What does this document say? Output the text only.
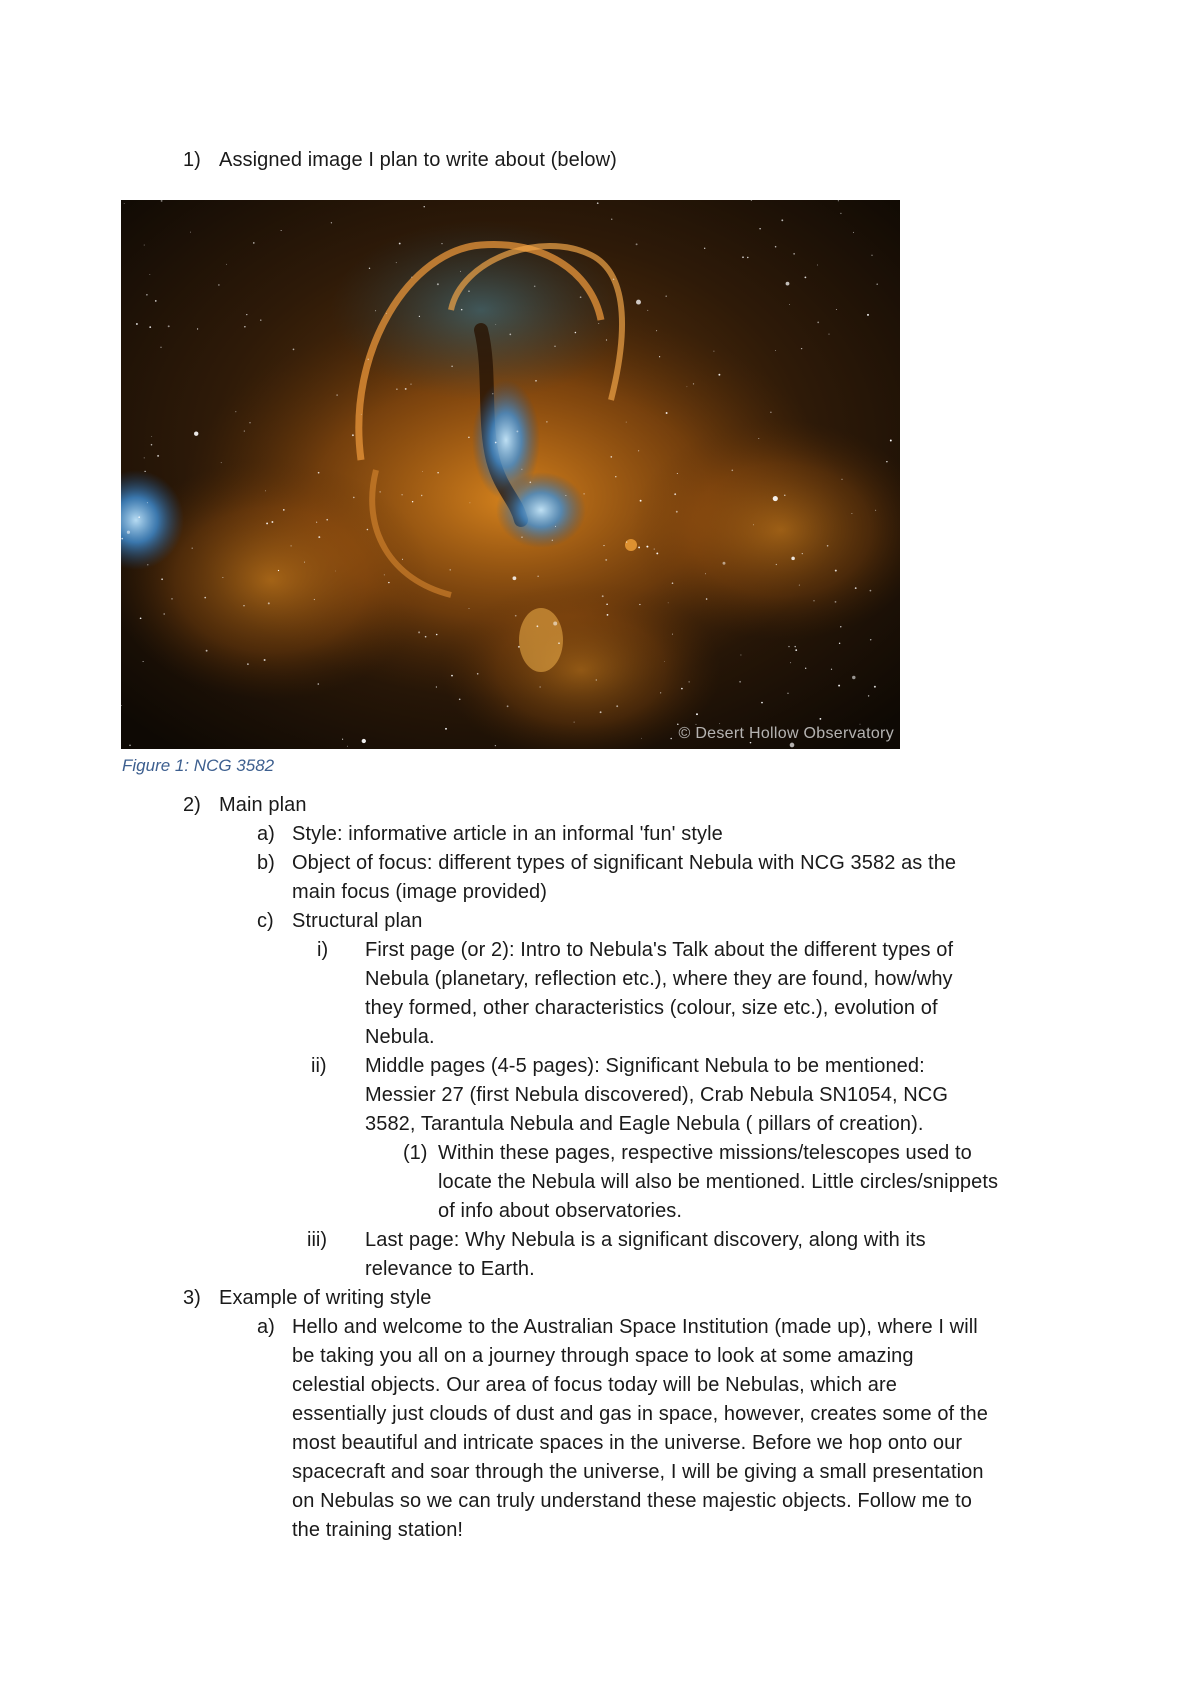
1) Assigned image I plan to write about (below)
© Desert Hollow Observatory
Figure 1: NCG 3582
2) Main plan
a) Style: informative article in an informal 'fun' style
b) Object of focus: different types of significant Nebula with NCG 3582 as the
main focus (image provided)
c) Structural plan
i) First page (or 2): Intro to Nebula's Talk about the different types of
Nebula (planetary, reflection etc.), where they are found, how/why
they formed, other characteristics (colour, size etc.), evolution of
Nebula.
ii) Middle pages (4-5 pages): Significant Nebula to be mentioned:
Messier 27 (first Nebula discovered), Crab Nebula SN1054, NCG
3582, Tarantula Nebula and Eagle Nebula ( pillars of creation).
(1) Within these pages, respective missions/telescopes used to
locate the Nebula will also be mentioned. Little circles/snippets
of info about observatories.
iii) Last page: Why Nebula is a significant discovery, along with its
relevance to Earth.
3) Example of writing style
a) Hello and welcome to the Australian Space Institution (made up), where I will
be taking you all on a journey through space to look at some amazing
celestial objects. Our area of focus today will be Nebulas, which are
essentially just clouds of dust and gas in space, however, creates some of the
most beautiful and intricate spaces in the universe. Before we hop onto our
spacecraft and soar through the universe, I will be giving a small presentation
on Nebulas so we can truly understand these majestic objects. Follow me to
the training station!
